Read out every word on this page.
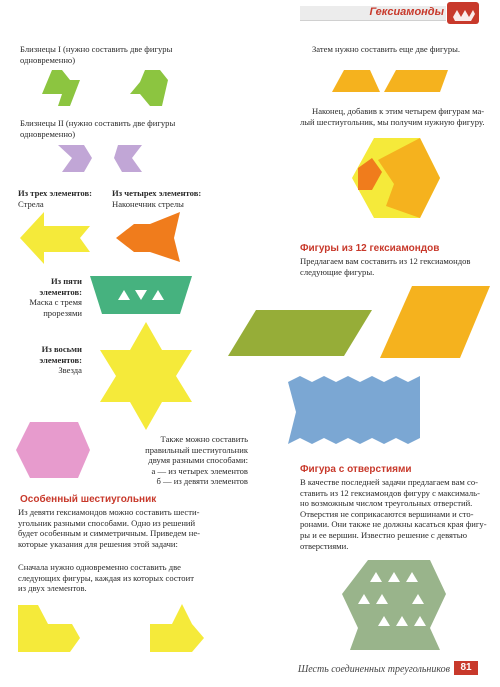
Гексиамонды
Близнецы I (нужно составить две фигуры
одновременно)
Близнецы II (нужно составить две фигуры
одновременно)
Из трех элементов:
Стрела
Из четырех элементов:
Наконечник стрелы
Из пяти
элементов:
Маска с тремя
прорезями
Из восьми
элементов:
Звезда
Также можно составить
правильный шестиугольник
двумя разными способами:
а — из четырех элементов
б — из девяти элементов
Особенный шестиугольник
Из девяти гексиамондов можно составить шести-
угольник разными способами. Одно из решений
будет особенным и симметричным. Приведем не-
которые указания для решения этой задачи:
Сначала нужно одновременно составить две
следующих фигуры, каждая из которых состоит
из двух элементов.
Затем нужно составить еще две фигуры.
Наконец, добавив к этим четырем фигурам ма-
лый шестиугольник, мы получим нужную фигуру.
Фигуры из 12 гексиамондов
Предлагаем вам составить из 12 гексиамондов
следующие фигуры.
Фигура с отверстиями
В качестве последней задачи предлагаем вам со-
ставить из 12 гексиамондов фигуру с максималь-
но возможным числом треугольных отверстий.
Отверстия не соприкасаются вершинами и сто-
ронами. Они также не должны касаться края фигу-
ры и ее вершин. Известно решение с девятью
отверстиями.
Шесть соединенных треугольников	81
